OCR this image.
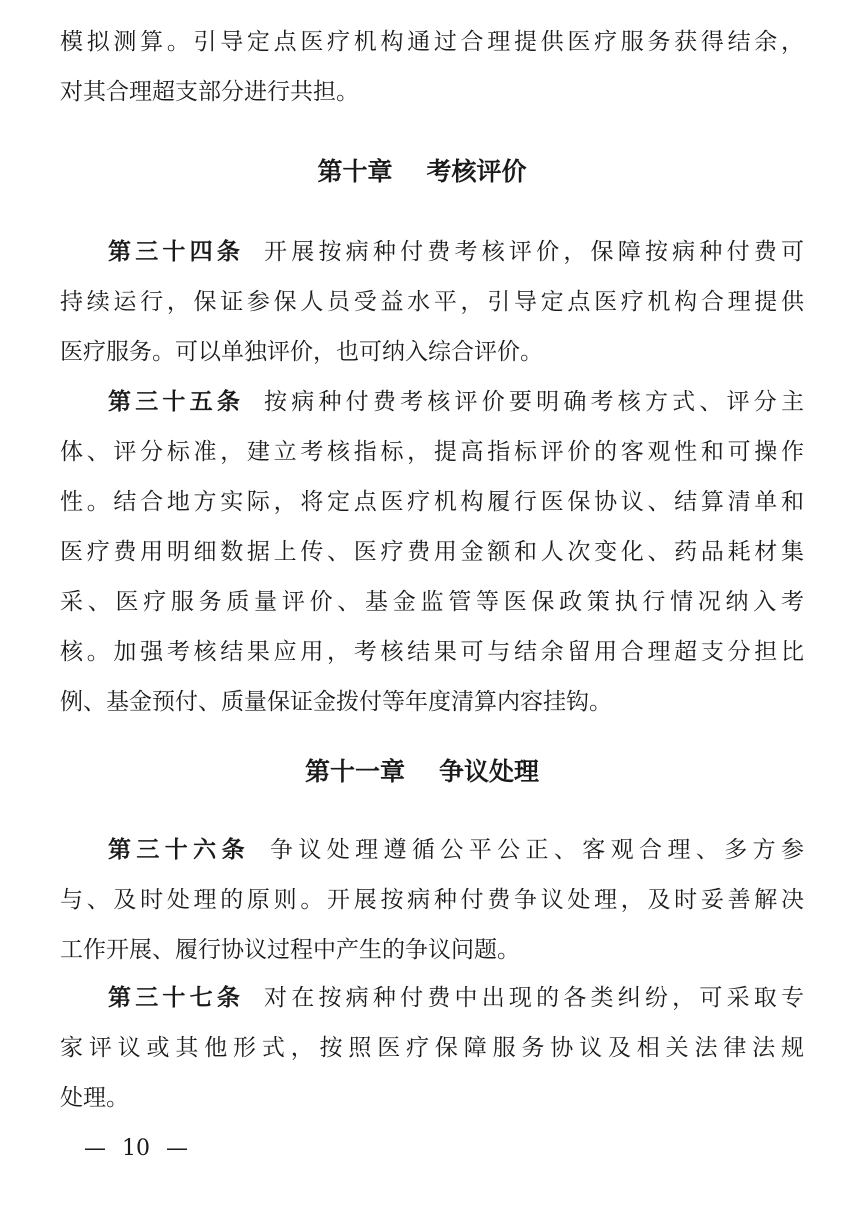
模拟测算。引导定点医疗机构通过合理提供医疗服务获得结余，
对其合理超支部分进行共担。
第十章 考核评价
第三十四条 开展按病种付费考核评价，保障按病种付费可
持续运行，保证参保人员受益水平，引导定点医疗机构合理提供
医疗服务。可以单独评价，也可纳入综合评价。
第三十五条 按病种付费考核评价要明确考核方式、评分主
体、评分标准，建立考核指标，提高指标评价的客观性和可操作
性。结合地方实际，将定点医疗机构履行医保协议、结算清单和
医疗费用明细数据上传、医疗费用金额和人次变化、药品耗材集
采、医疗服务质量评价、基金监管等医保政策执行情况纳入考
核。加强考核结果应用，考核结果可与结余留用合理超支分担比
例、基金预付、质量保证金拨付等年度清算内容挂钩。
第十一章 争议处理
第三十六条 争议处理遵循公平公正、客观合理、多方参
与、及时处理的原则。开展按病种付费争议处理，及时妥善解决
工作开展、履行协议过程中产生的争议问题。
第三十七条 对在按病种付费中出现的各类纠纷，可采取专
家评议或其他形式，按照医疗保障服务协议及相关法律法规
处理。
— 10 —
